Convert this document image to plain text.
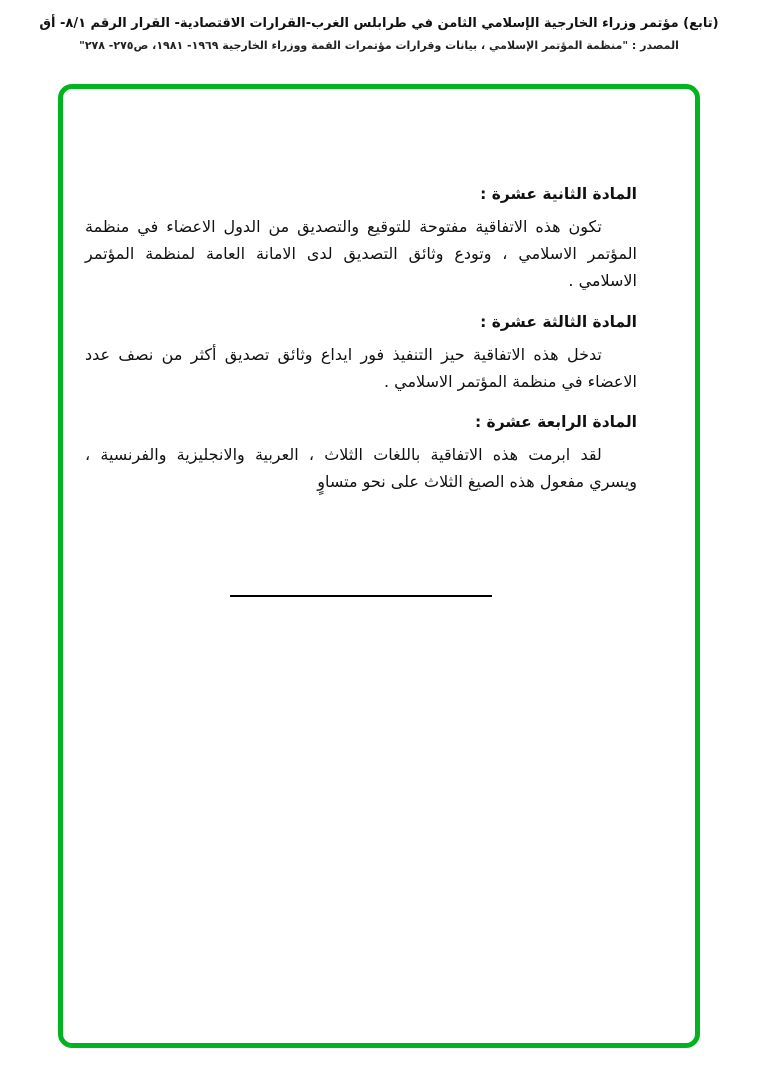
(تابع) مؤتمر وزراء الخارجية الإسلامي الثامن في طرابلس الغرب-القرارات الاقتصادية- القرار الرقم ٨/١- أق
المصدر : "منظمة المؤتمر الإسلامي ، بيانات وقرارات مؤتمرات القمة ووزراء الخارجية ١٩٦٩- ١٩٨١، ص٢٧٥- ٢٧٨"
المادة الثانية عشرة :

تكون هذه الاتفاقية مفتوحة للتوقيع والتصديق من الدول الاعضاء في منظمة المؤتمر الاسلامي ، وتودع وثائق التصديق لدى الامانة العامة لمنظمة المؤتمر الاسلامي .

المادة الثالثة عشرة :

تدخل هذه الاتفاقية حيز التنفيذ فور ايداع وثائق تصديق أكثر من نصف عدد الاعضاء في منظمة المؤتمر الاسلامي .

المادة الرابعة عشرة :

لقد ابرمت هذه الاتفاقية باللغات الثلاث ، العربية والانجليزية والفرنسية ، ويسري مفعول هذه الصيغ الثلاث على نحو متساوٍ
